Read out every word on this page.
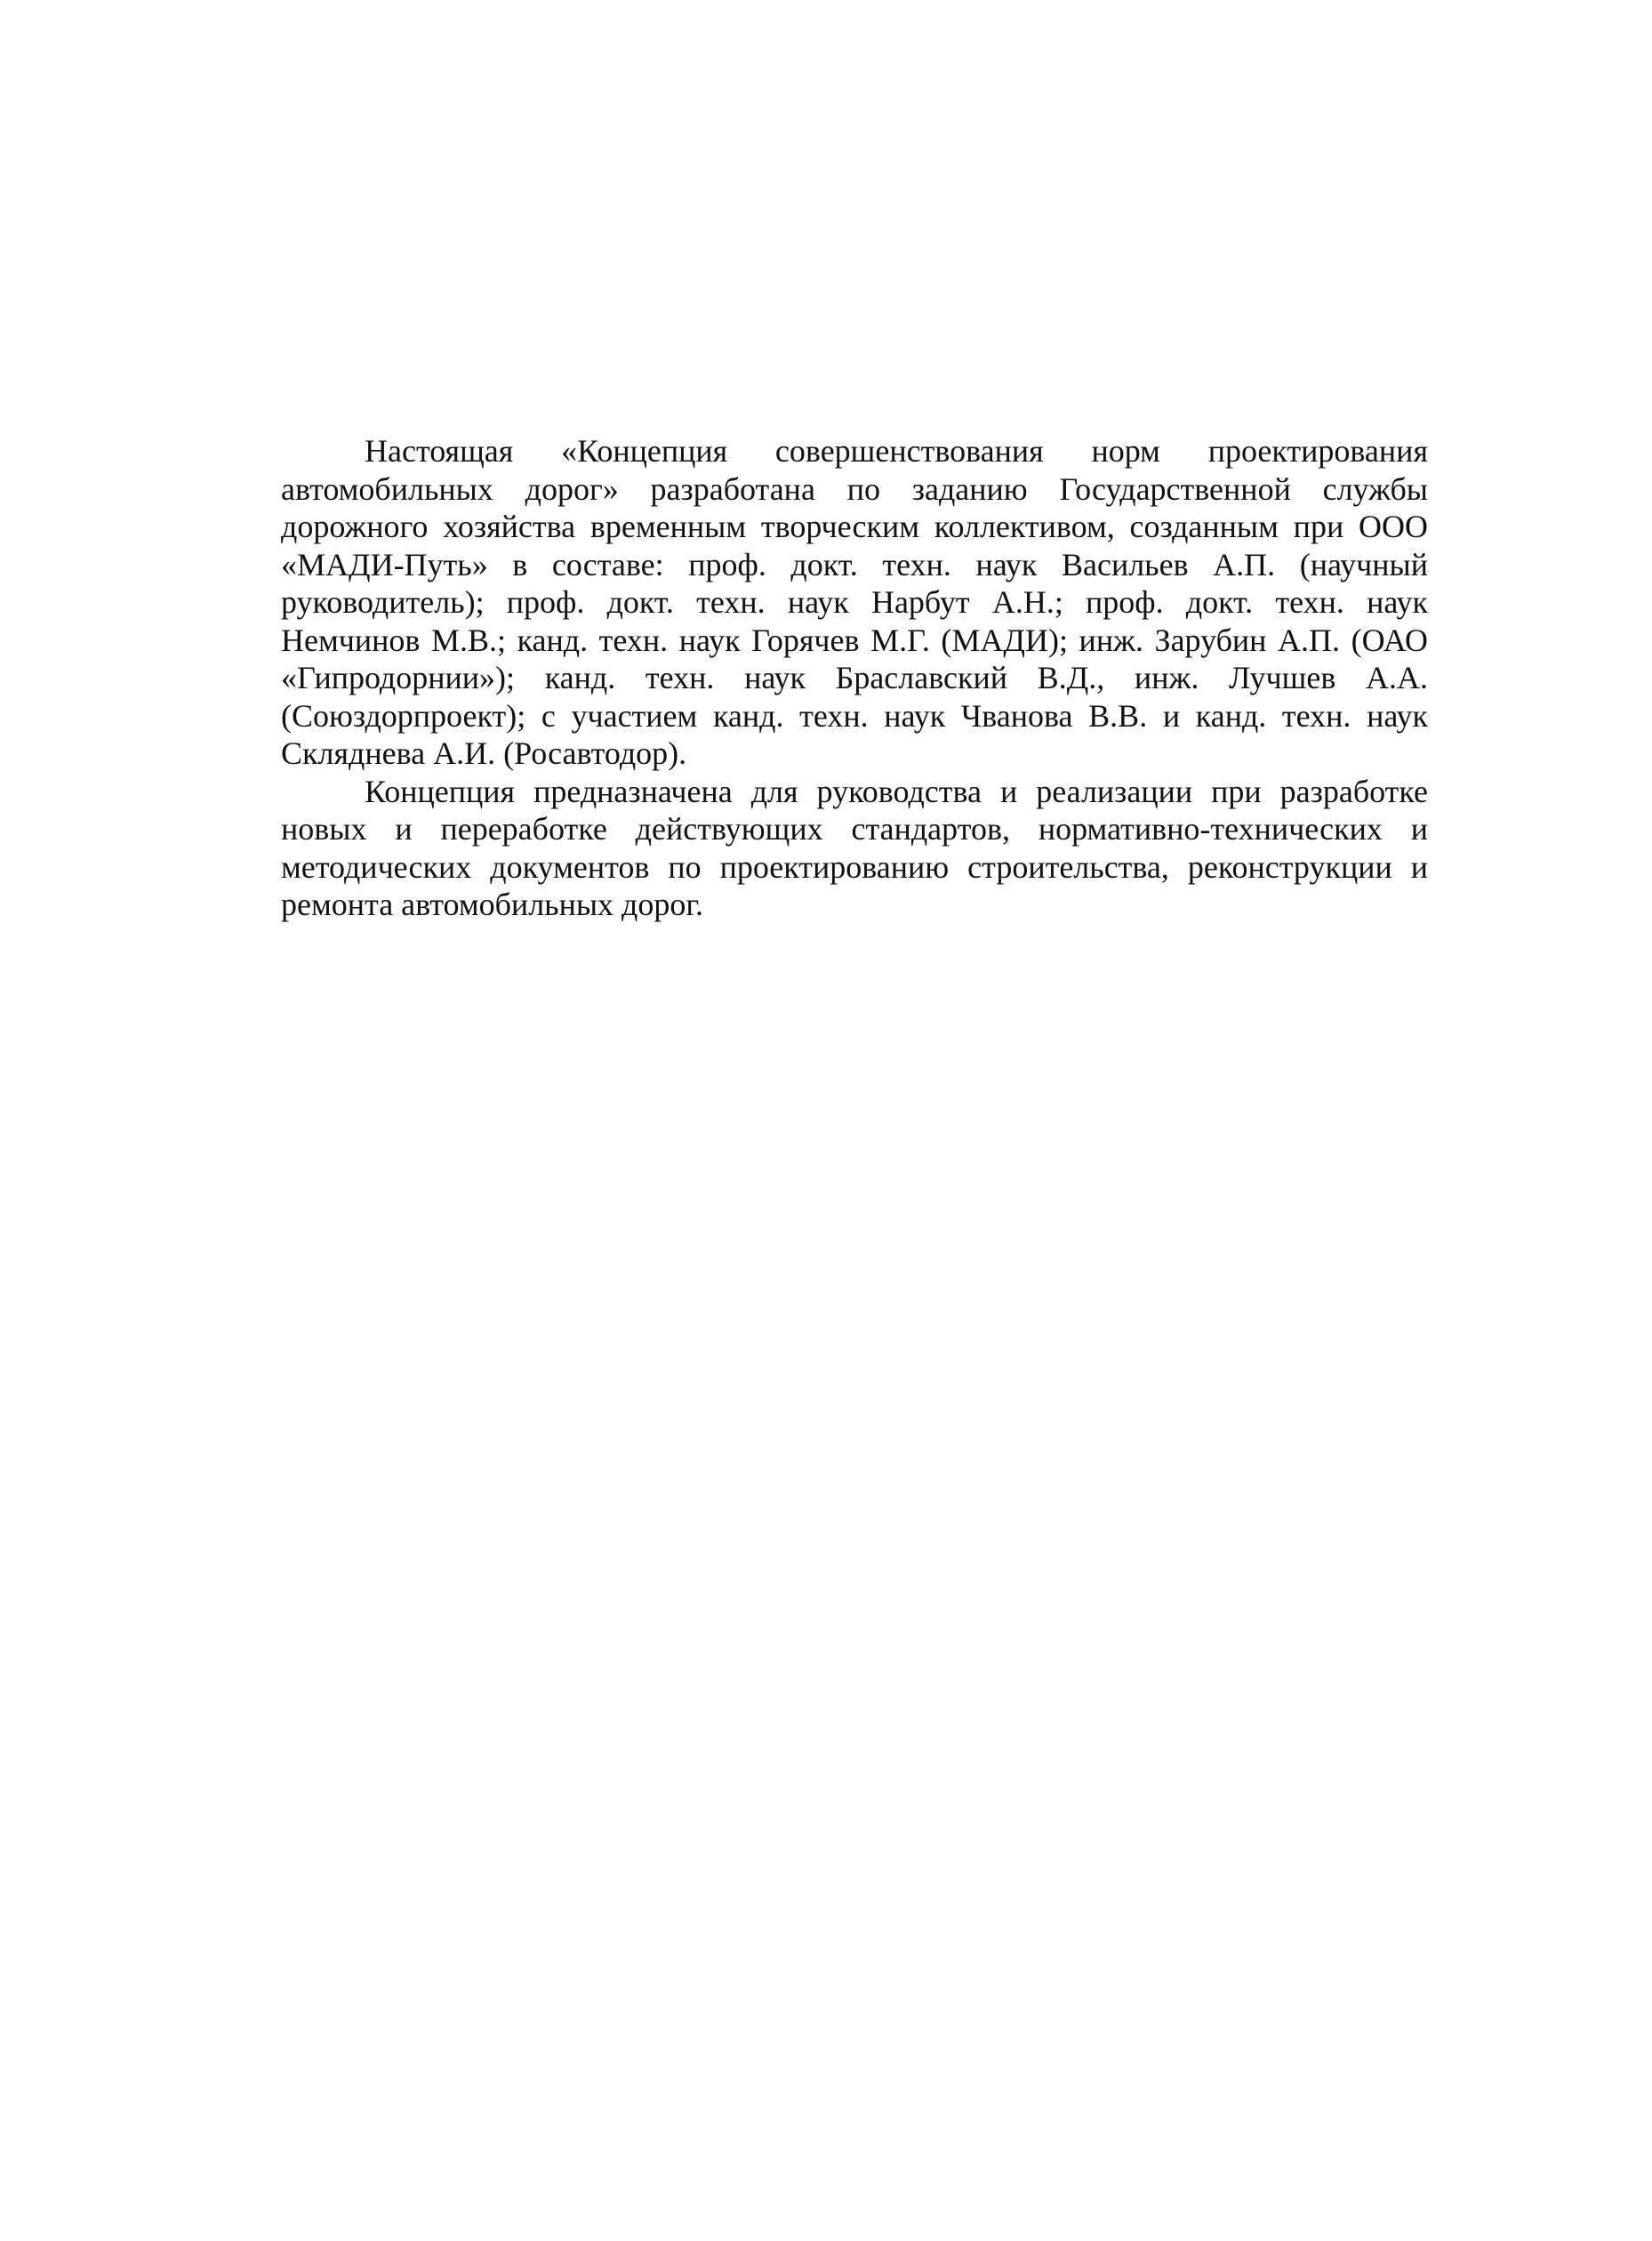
Настоящая «Концепция совершенствования норм проектирования автомобильных дорог» разработана по заданию Государственной службы дорожного хозяйства временным творческим коллективом, созданным при ООО «МАДИ-Путь» в составе: проф. докт. техн. наук Васильев А.П. (научный руководитель); проф. докт. техн. наук Нарбут А.Н.; проф. докт. техн. наук Немчинов М.В.; канд. техн. наук Горячев М.Г. (МАДИ); инж. Зарубин А.П. (ОАО «Гипродорнии»); канд. техн. наук Браславский В.Д., инж. Лучшев А.А. (Союздорпроект); с участием канд. техн. наук Чванова В.В. и канд. техн. наук Скляднева А.И. (Росавтодор).

Концепция предназначена для руководства и реализации при разработке новых и переработке действующих стандартов, нормативно-технических и методических документов по проектированию строительства, реконструкции и ремонта автомобильных дорог.
